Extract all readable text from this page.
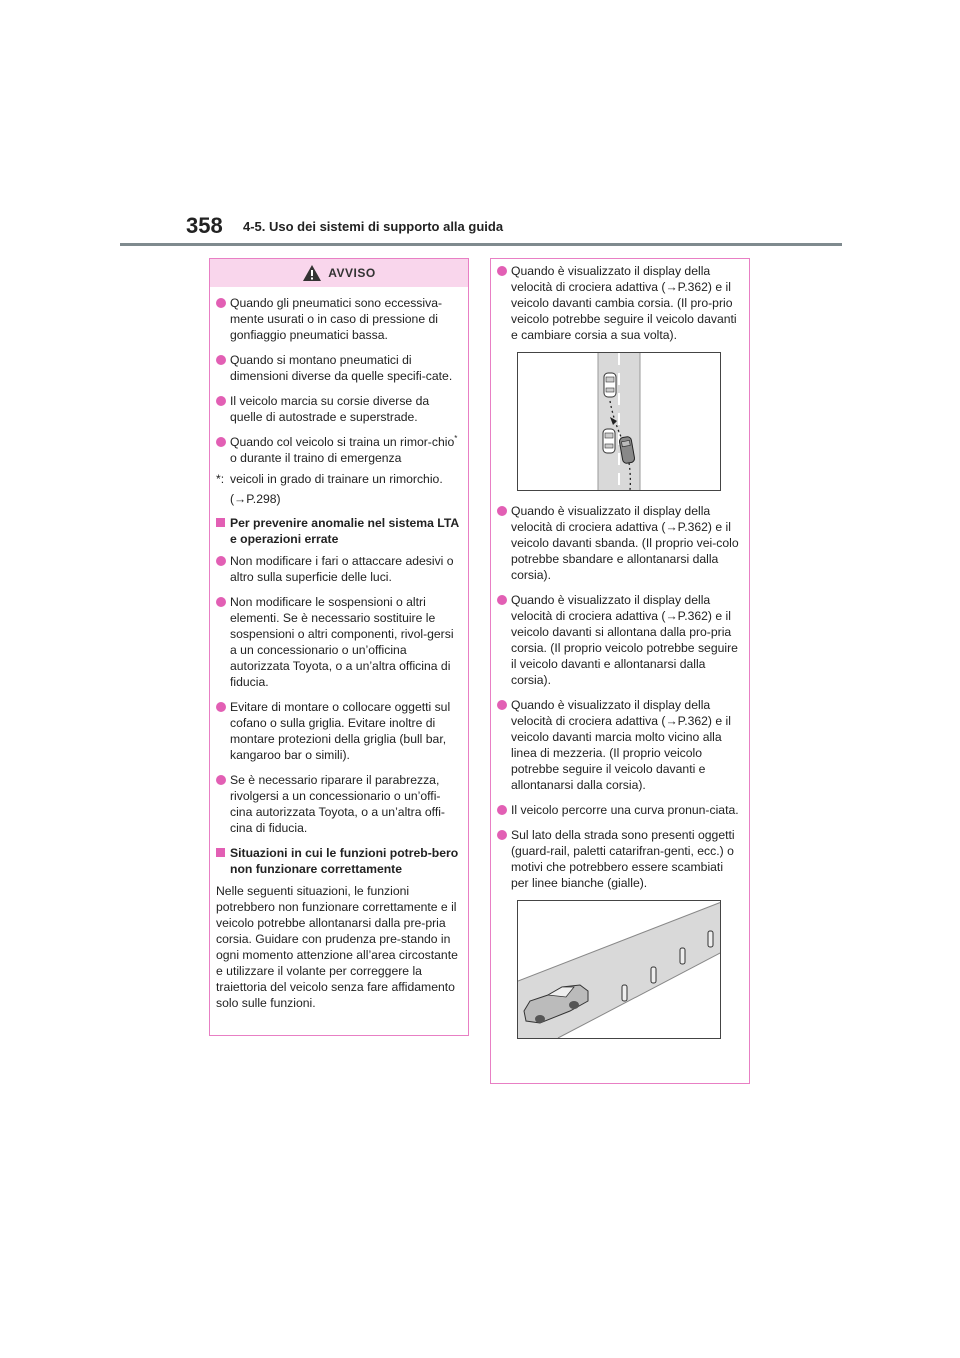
358 4-5. Uso dei sistemi di supporto alla guida
AVVISO
Quando gli pneumatici sono eccessiva-mente usurati o in caso di pressione di gonfiaggio pneumatici bassa.
Quando si montano pneumatici di dimensioni diverse da quelle specifi-cate.
Il veicolo marcia su corsie diverse da quelle di autostrade e superstrade.
Quando col veicolo si traina un rimor-chio* o durante il traino di emergenza
*: veicoli in grado di trainare un rimorchio.
(→P.298)
Per prevenire anomalie nel sistema LTA e operazioni errate
Non modificare i fari o attaccare adesivi o altro sulla superficie delle luci.
Non modificare le sospensioni o altri elementi. Se è necessario sostituire le sospensioni o altri componenti, rivol-gersi a un concessionario o un’officina autorizzata Toyota, o a un’altra officina di fiducia.
Evitare di montare o collocare oggetti sul cofano o sulla griglia. Evitare inoltre di montare protezioni della griglia (bull bar, kangaroo bar o simili).
Se è necessario riparare il parabrezza, rivolgersi a un concessionario o un’offi-cina autorizzata Toyota, o a un’altra offi-cina di fiducia.
Situazioni in cui le funzioni potreb-bero non funzionare correttamente
Nelle seguenti situazioni, le funzioni potrebbero non funzionare correttamente e il veicolo potrebbe allontanarsi dalla pre-pria corsia. Guidare con prudenza pre-stando in ogni momento attenzione all’area circostante e utilizzare il volante per correggere la traiettoria del veicolo senza fare affidamento solo sulle funzioni.
Quando è visualizzato il display della velocità di crociera adattiva (→P.362) e il veicolo davanti cambia corsia. (Il pro-prio veicolo potrebbe seguire il veicolo davanti e cambiare corsia a sua volta).
Quando è visualizzato il display della velocità di crociera adattiva (→P.362) e il veicolo davanti sbanda. (Il proprio vei-colo potrebbe sbandare e allontanarsi dalla corsia).
Quando è visualizzato il display della velocità di crociera adattiva (→P.362) e il veicolo davanti si allontana dalla pro-pria corsia. (Il proprio veicolo potrebbe seguire il veicolo davanti e allontanarsi dalla corsia).
Quando è visualizzato il display della velocità di crociera adattiva (→P.362) e il veicolo davanti marcia molto vicino alla linea di mezzeria. (Il proprio veicolo potrebbe seguire il veicolo davanti e allontanarsi dalla corsia).
Il veicolo percorre una curva pronun-ciata.
Sul lato della strada sono presenti oggetti (guard-rail, paletti catarifran-genti, ecc.) o motivi che potrebbero essere scambiati per linee bianche (gialle).
